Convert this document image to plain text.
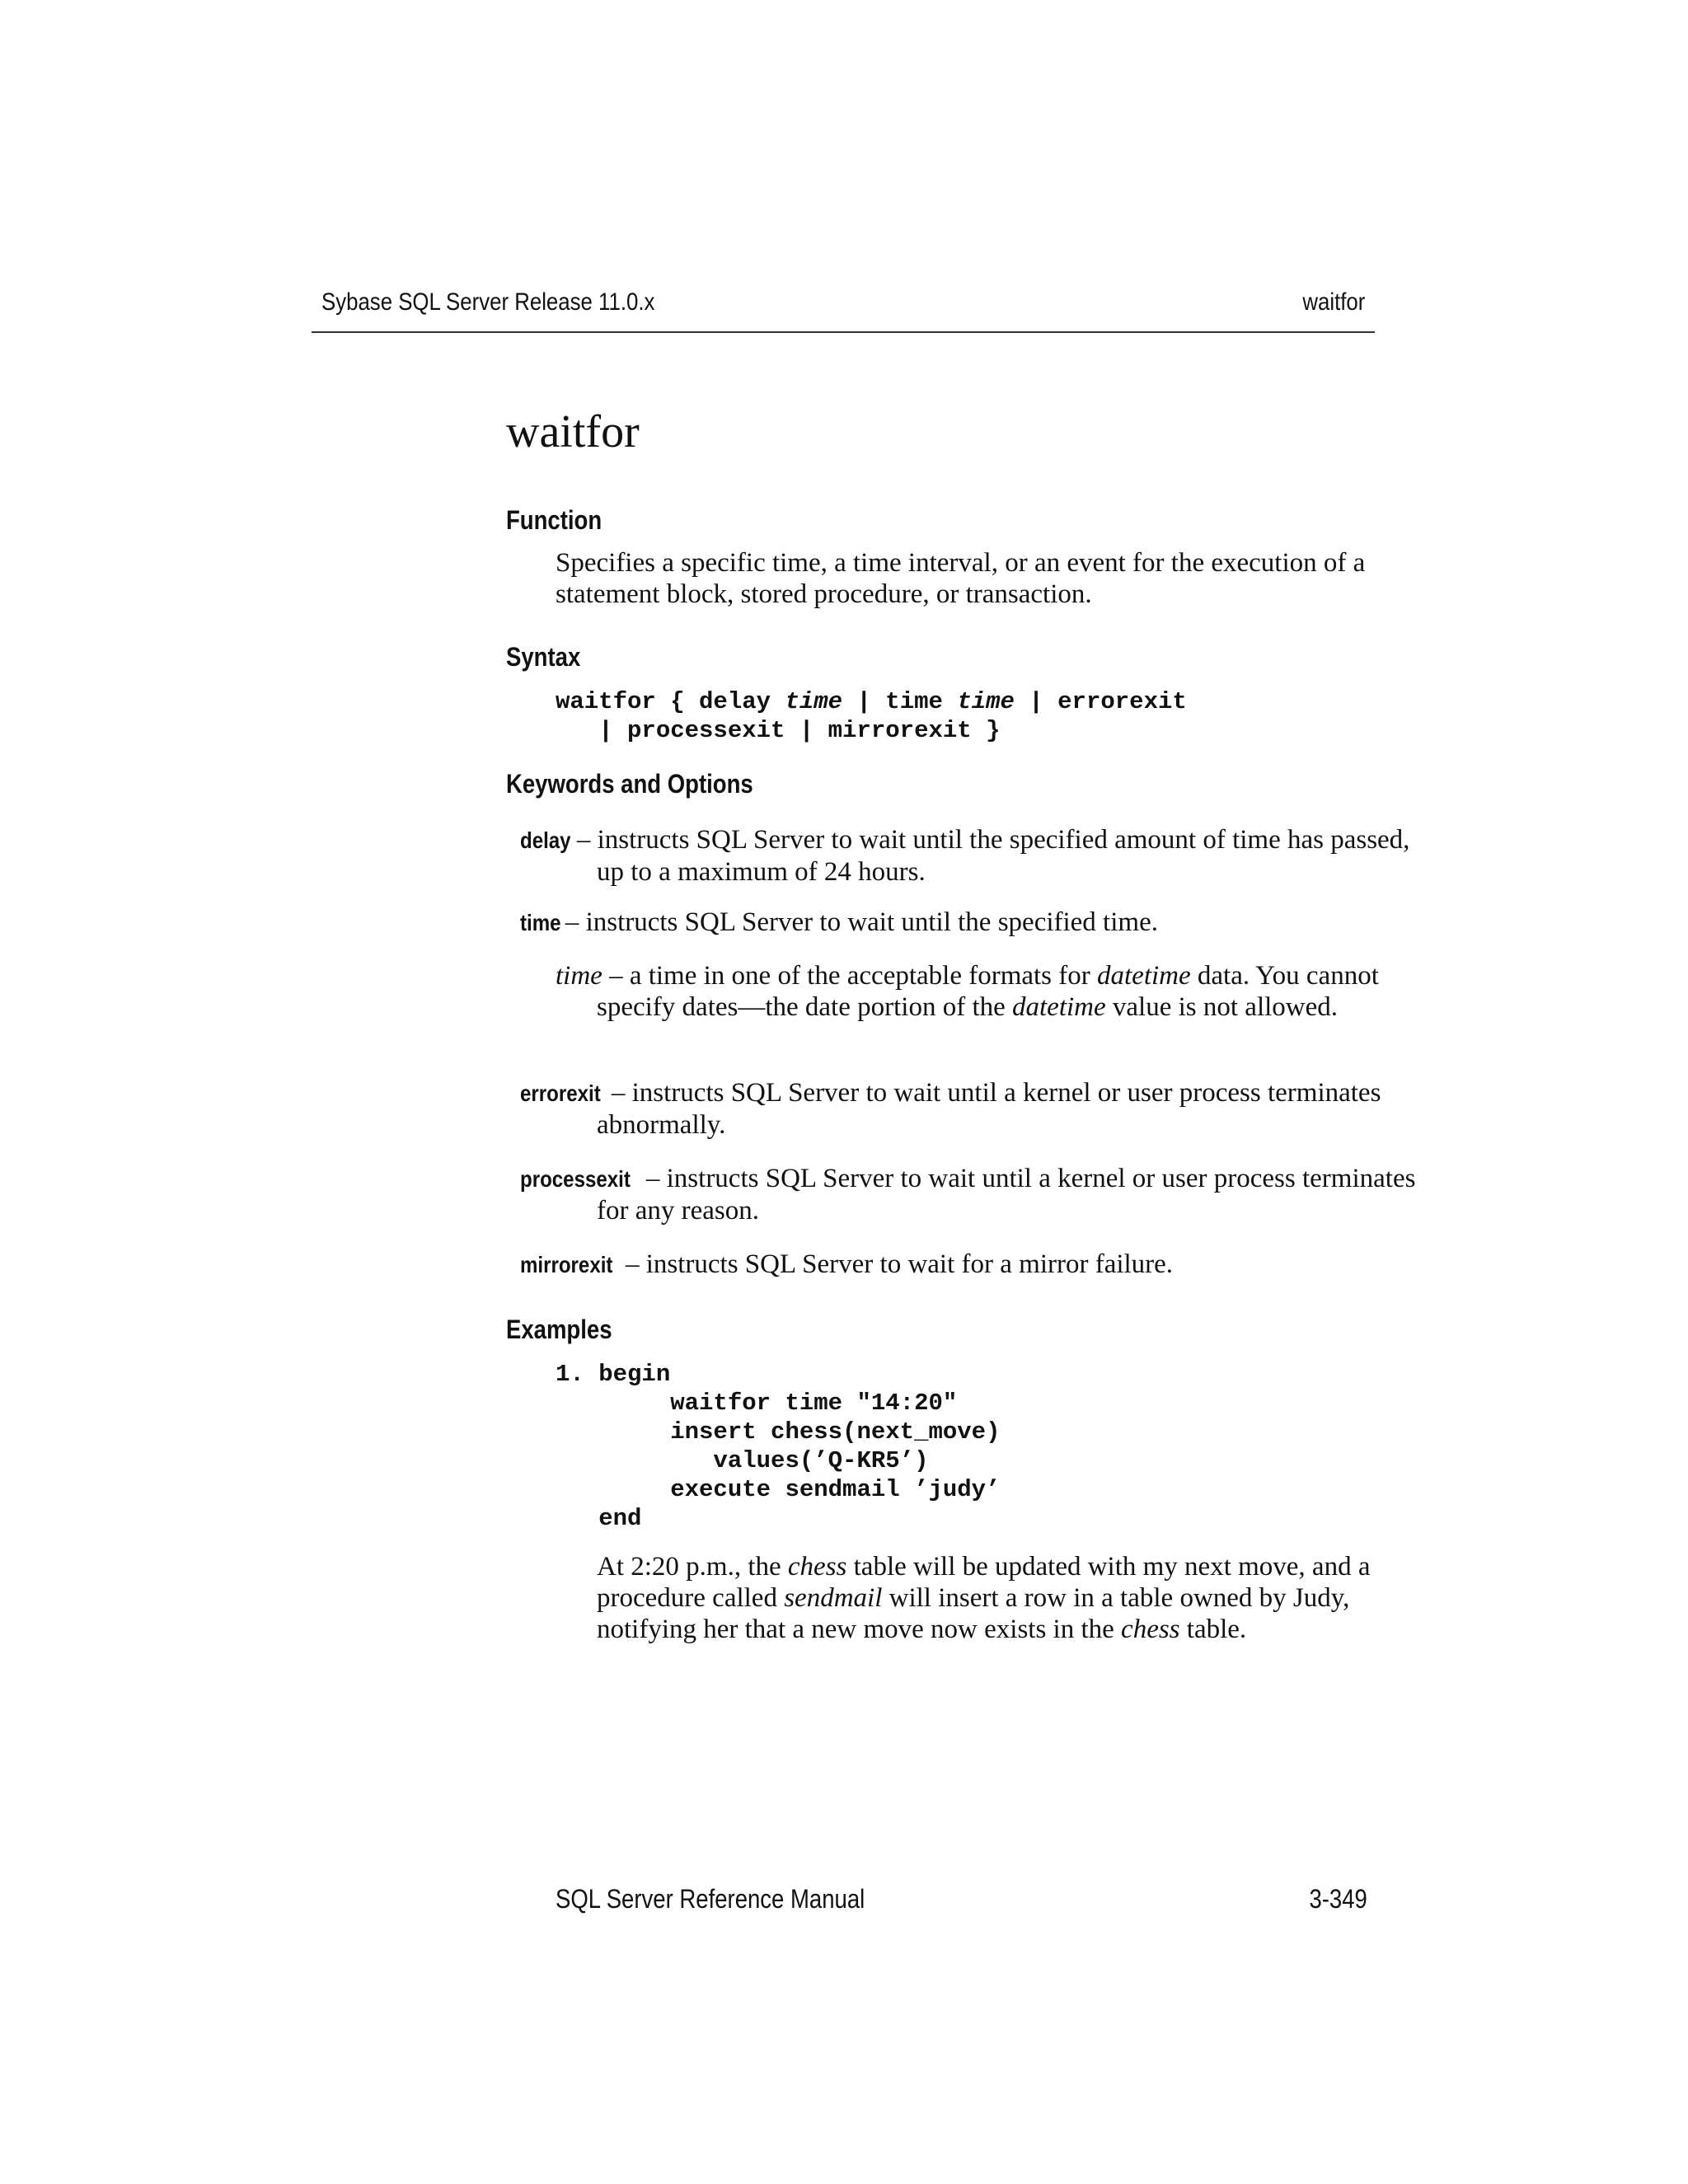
Sybase SQL Server Release 11.0.x	waitfor
waitfor
Function

Specifies a specific time, a time interval, or an event for the execution of a statement block, stored procedure, or transaction.

Syntax
waitfor { delay time | time time | errorexit
| processexit | mirrorexit }
Keywords and Options

delay – instructs SQL Server to wait until the specified amount of time has passed, up to a maximum of 24 hours.

time – instructs SQL Server to wait until the specified time.

time – a time in one of the acceptable formats for datetime data. You cannot specify dates—the date portion of the datetime value is not allowed.

errorexit – instructs SQL Server to wait until a kernel or user process terminates abnormally.

processexit – instructs SQL Server to wait until a kernel or user process terminates for any reason.

mirrorexit – instructs SQL Server to wait for a mirror failure.

Examples
1. begin
waitfor time "14:20"
insert chess(next_move)
values(’Q-KR5’)
execute sendmail ’judy’
end

At 2:20 p.m., the chess table will be updated with my next move, and a procedure called sendmail will insert a row in a table owned by Judy, notifying her that a new move now exists in the chess table.

SQL Server Reference Manual	3-349
